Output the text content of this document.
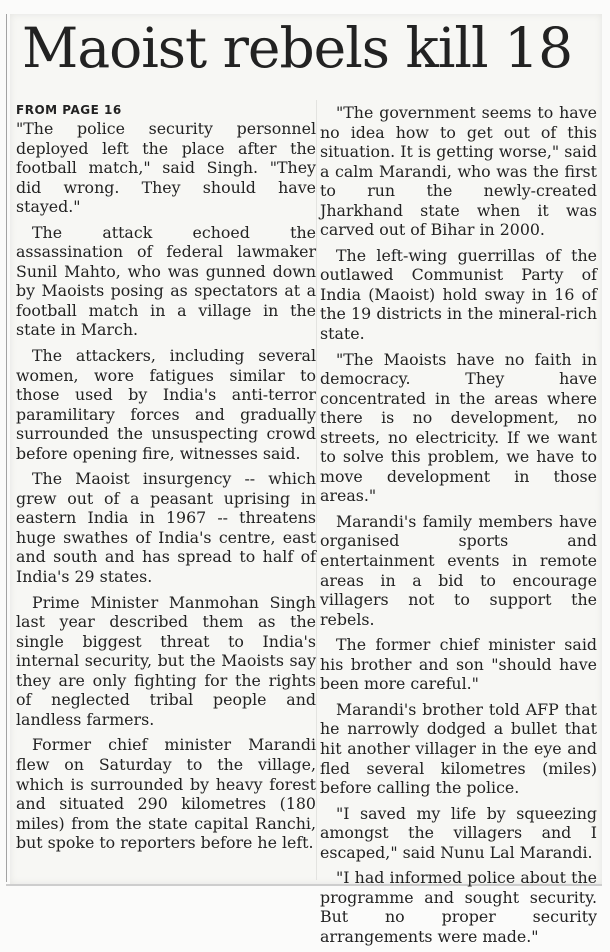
Maoist rebels kill 18
FROM PAGE 16

"The police security personnel deployed left the place after the football match," said Singh. "They did wrong. They should have stayed."

The attack echoed the assassination of federal lawmaker Sunil Mahto, who was gunned down by Maoists posing as spectators at a football match in a village in the state in March.

The attackers, including several women, wore fatigues similar to those used by India's anti-terror paramilitary forces and gradually surrounded the unsuspecting crowd before opening fire, witnesses said.

The Maoist insurgency -- which grew out of a peasant uprising in eastern India in 1967 -- threatens huge swathes of India's centre, east and south and has spread to half of India's 29 states.

Prime Minister Manmohan Singh last year described them as the single biggest threat to India's internal security, but the Maoists say they are only fighting for the rights of neglected tribal people and landless farmers.

Former chief minister Marandi flew on Saturday to the village, which is surrounded by heavy forest and situated 290 kilometres (180 miles) from the state capital Ranchi, but spoke to reporters before he left.

"The government seems to have no idea how to get out of this situation. It is getting worse," said a calm Marandi, who was the first to run the newly-created Jharkhand state when it was carved out of Bihar in 2000.

The left-wing guerrillas of the outlawed Communist Party of India (Maoist) hold sway in 16 of the 19 districts in the mineral-rich state.

"The Maoists have no faith in democracy. They have concentrated in the areas where there is no development, no streets, no electricity. If we want to solve this problem, we have to move development in those areas."

Marandi's family members have organised sports and entertainment events in remote areas in a bid to encourage villagers not to support the rebels.

The former chief minister said his brother and son "should have been more careful."

Marandi's brother told AFP that he narrowly dodged a bullet that hit another villager in the eye and fled several kilometres (miles) before calling the police.

"I saved my life by squeezing amongst the villagers and I escaped," said Nunu Lal Marandi.

"I had informed police about the programme and sought security. But no proper security arrangements were made."
